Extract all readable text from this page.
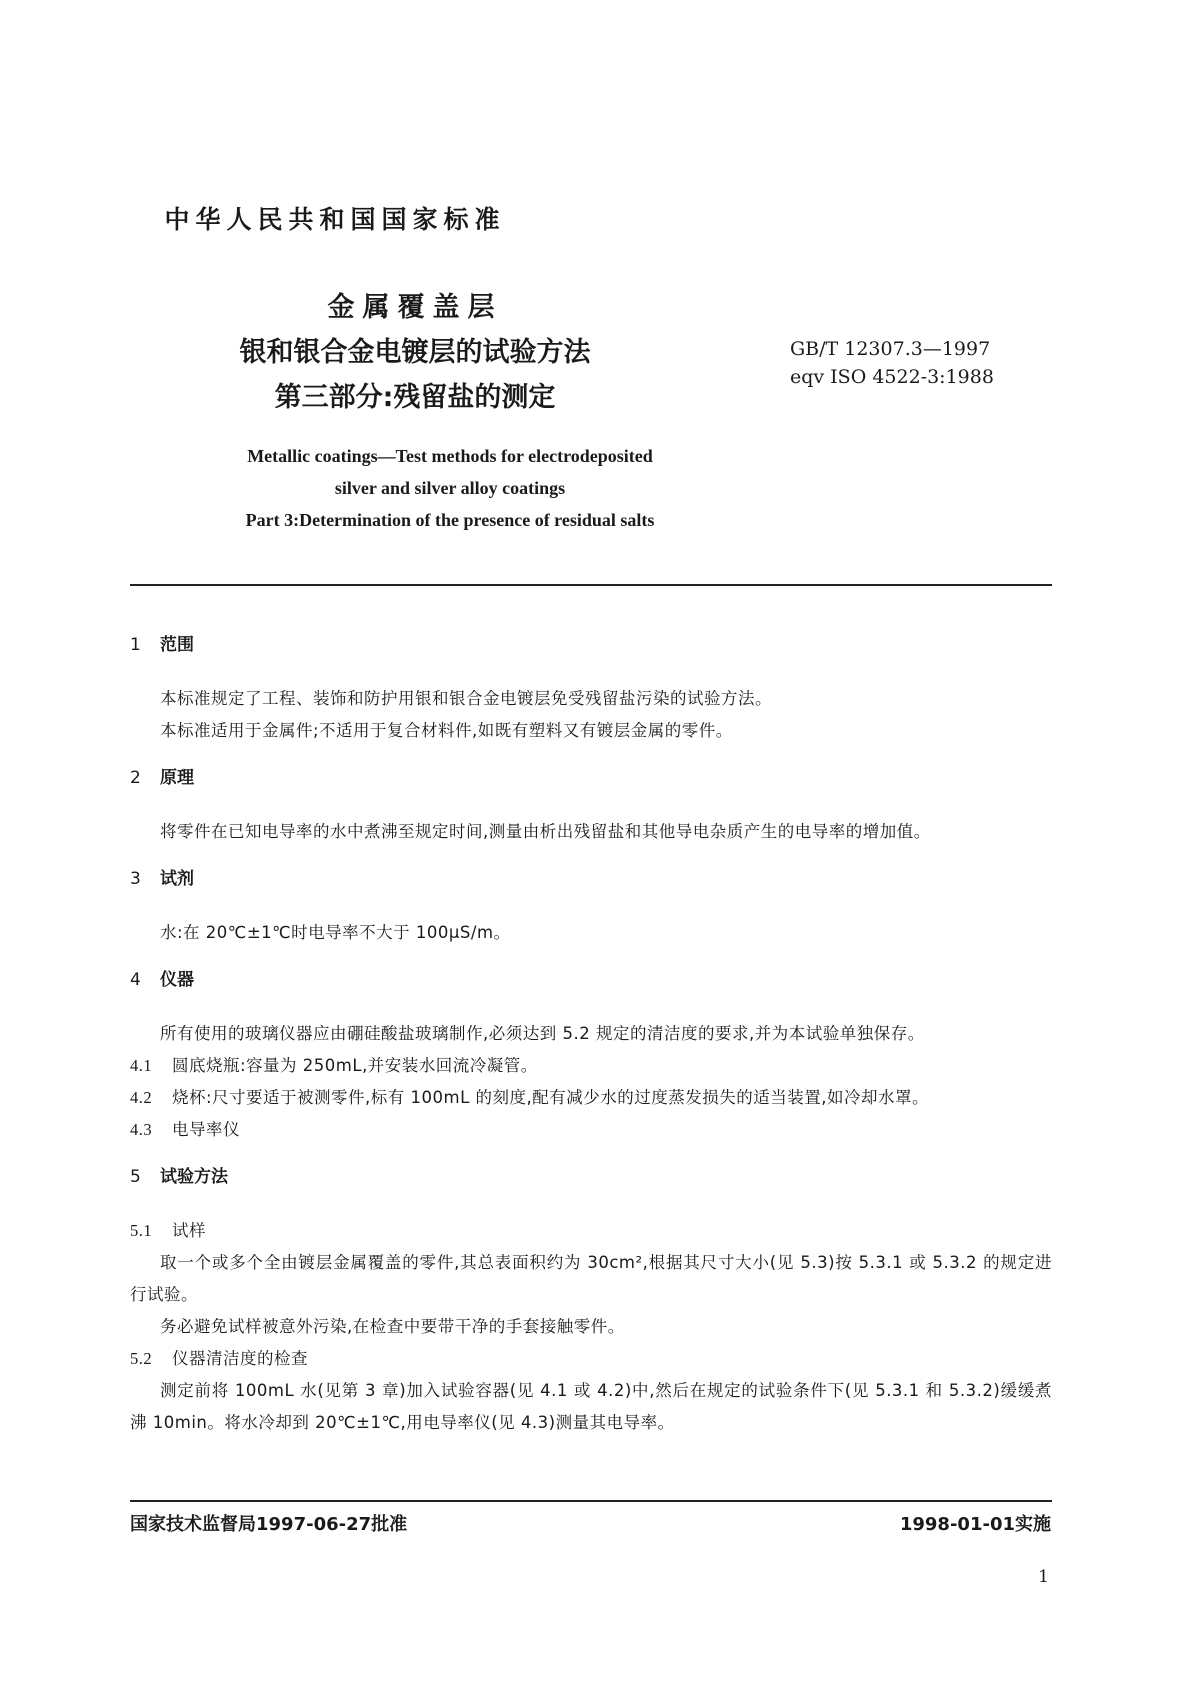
中华人民共和国国家标准
金属覆盖层
银和银合金电镀层的试验方法
第三部分:残留盐的测定
GB/T 12307.3—1997
eqv ISO 4522-3:1988
Metallic coatings—Test methods for electrodeposited
silver and silver alloy coatings
Part 3:Determination of the presence of residual salts
1 范围

本标准规定了工程、装饰和防护用银和银合金电镀层免受残留盐污染的试验方法。

本标准适用于金属件;不适用于复合材料件,如既有塑料又有镀层金属的零件。

2 原理

将零件在已知电导率的水中煮沸至规定时间,测量由析出残留盐和其他导电杂质产生的电导率的增加值。

3 试剂

水:在 20℃±1℃时电导率不大于 100μS/m。

4 仪器

所有使用的玻璃仪器应由硼硅酸盐玻璃制作,必须达到 5.2 规定的清洁度的要求,并为本试验单独保存。

4.1 圆底烧瓶:容量为 250mL,并安装水回流冷凝管。

4.2 烧杯:尺寸要适于被测零件,标有 100mL 的刻度,配有减少水的过度蒸发损失的适当装置,如冷却水罩。

4.3 电导率仪

5 试验方法

5.1 试样

取一个或多个全由镀层金属覆盖的零件,其总表面积约为 30cm²,根据其尺寸大小(见 5.3)按 5.3.1 或 5.3.2 的规定进行试验。

务必避免试样被意外污染,在检查中要带干净的手套接触零件。

5.2 仪器清洁度的检查

测定前将 100mL 水(见第 3 章)加入试验容器(见 4.1 或 4.2)中,然后在规定的试验条件下(见 5.3.1 和 5.3.2)缓缓煮沸 10min。将水冷却到 20℃±1℃,用电导率仪(见 4.3)测量其电导率。

国家技术监督局1997-06-27批准	1998-01-01实施
1
